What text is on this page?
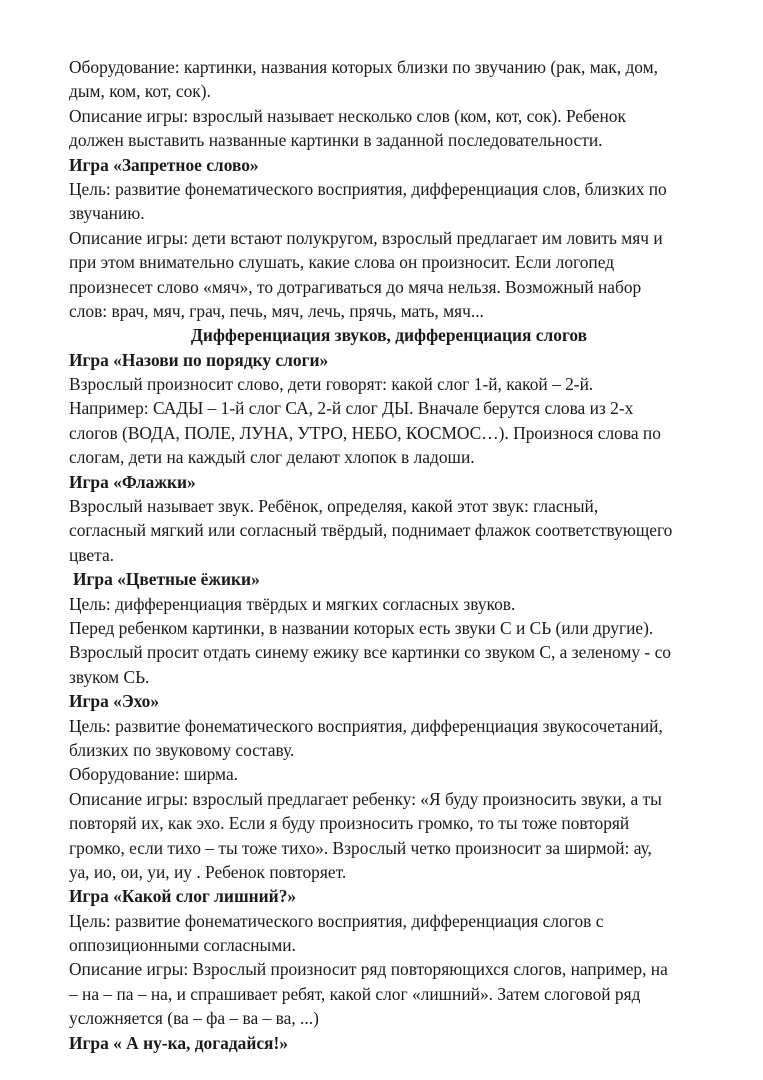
Оборудование: картинки, названия которых близки по звучанию (рак, мак, дом,
дым, ком, кот, сок).
Описание игры: взрослый называет несколько слов (ком, кот, сок). Ребенок
должен выставить названные картинки в заданной последовательности.
Игра «Запретное слово»
Цель: развитие фонематического восприятия, дифференциация слов, близких по
звучанию.
Описание игры: дети встают полукругом, взрослый предлагает им ловить мяч и
при этом внимательно слушать, какие слова он произносит. Если логопед
произнесет слово «мяч», то дотрагиваться до мяча нельзя. Возможный набор
слов: врач, мяч, грач, печь, мяч, лечь, прячь, мать, мяч...
Дифференциация звуков, дифференциация слогов
Игра «Назови по порядку слоги»
Взрослый произносит слово, дети говорят: какой слог 1-й, какой – 2-й.
Например: САДЫ – 1-й слог СА, 2-й слог ДЫ. Вначале берутся слова из 2-х
слогов (ВОДА, ПОЛЕ, ЛУНА, УТРО, НЕБО, КОСМОС…). Произнося слова по
слогам, дети на каждый слог делают хлопок в ладоши.
Игра «Флажки»
Взрослый называет звук. Ребёнок, определяя, какой этот звук: гласный,
согласный мягкий или согласный твёрдый, поднимает флажок соответствующего
цвета.
Игра «Цветные ёжики»
Цель: дифференциация твёрдых и мягких согласных звуков.
Перед ребенком картинки, в названии которых есть звуки С и СЬ (или другие).
Взрослый просит отдать синему ежику все картинки со звуком С, а зеленому - со
звуком СЬ.
Игра «Эхо»
Цель: развитие фонематического восприятия, дифференциация звукосочетаний,
близких по звуковому составу.
Оборудование: ширма.
Описание игры: взрослый предлагает ребенку: «Я буду произносить звуки, а ты
повторяй их, как эхо. Если я буду произносить громко, то ты тоже повторяй
громко, если тихо – ты тоже тихо». Взрослый четко произносит за ширмой: ау,
уа, ио, ои, уи, иу . Ребенок повторяет.
Игра «Какой слог лишний?»
Цель: развитие фонематического восприятия, дифференциация слогов с
оппозиционными согласными.
Описание игры: Взрослый произносит ряд повторяющихся слогов, например, на
– на – па – на, и спрашивает ребят, какой слог «лишний». Затем слоговой ряд
усложняется (ва – фа – ва – ва, ...)
Игра « А ну-ка, догадайся!»
